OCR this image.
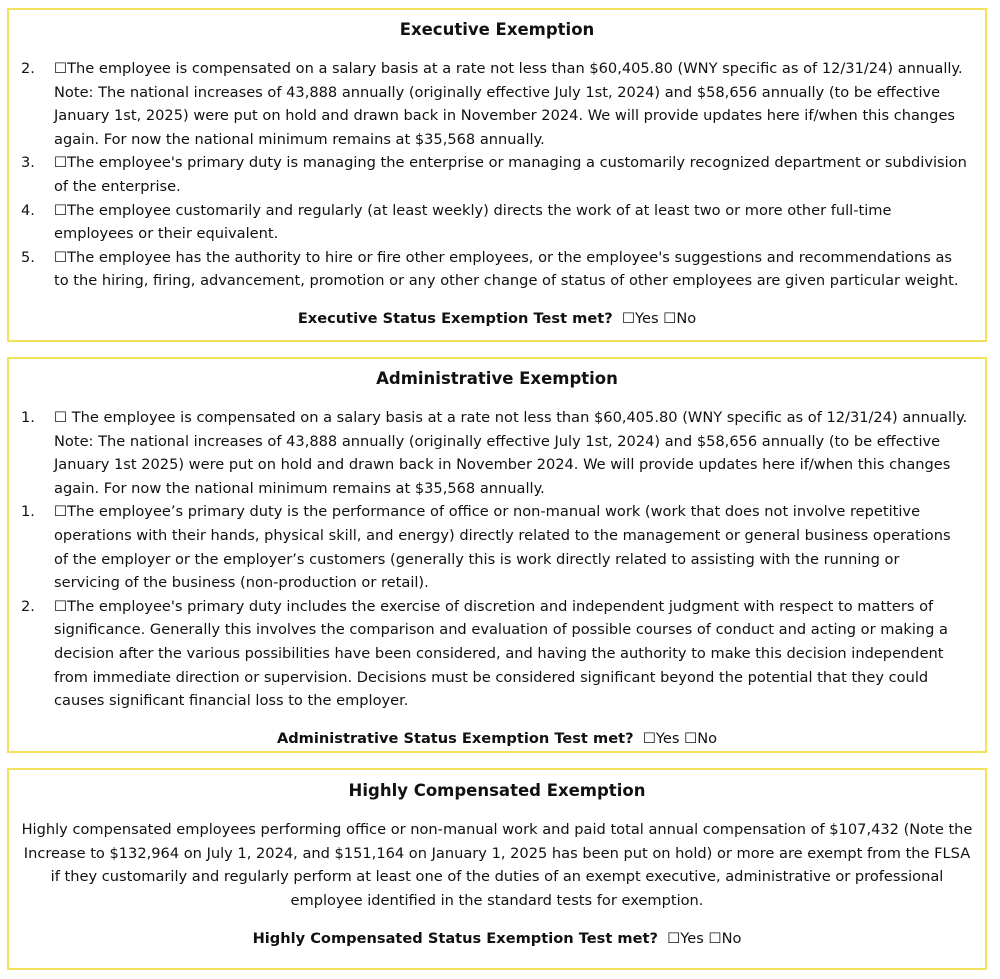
Executive Exemption
2.	☐The employee is compensated on a salary basis at a rate not less than $60,405.80 (WNY specific as of 12/31/24) annually. Note: The national increases of 43,888 annually (originally effective July 1st, 2024) and $58,656 annually (to be effective January 1st, 2025) were put on hold and drawn back in November 2024. We will provide updates here if/when this changes again. For now the national minimum remains at $35,568 annually.
3.	☐The employee's primary duty is managing the enterprise or managing a customarily recognized department or subdivision of the enterprise.
4.	☐The employee customarily and regularly (at least weekly) directs the work of at least two or more other full-time employees or their equivalent.
5.	☐The employee has the authority to hire or fire other employees, or the employee's suggestions and recommendations as to the hiring, firing, advancement, promotion or any other change of status of other employees are given particular weight.
Executive Status Exemption Test met? ☐Yes ☐No
Administrative Exemption
1.	☐ The employee is compensated on a salary basis at a rate not less than $60,405.80 (WNY specific as of 12/31/24) annually. Note: The national increases of 43,888 annually (originally effective July 1st, 2024) and $58,656 annually (to be effective January 1st 2025) were put on hold and drawn back in November 2024. We will provide updates here if/when this changes again. For now the national minimum remains at $35,568 annually.
1.	☐The employee’s primary duty is the performance of office or non-manual work (work that does not involve repetitive operations with their hands, physical skill, and energy) directly related to the management or general business operations of the employer or the employer’s customers (generally this is work directly related to assisting with the running or servicing of the business (non-production or retail).
2.	☐The employee's primary duty includes the exercise of discretion and independent judgment with respect to matters of significance. Generally this involves the comparison and evaluation of possible courses of conduct and acting or making a decision after the various possibilities have been considered, and having the authority to make this decision independent from immediate direction or supervision. Decisions must be considered significant beyond the potential that they could causes significant financial loss to the employer.
Administrative Status Exemption Test met? ☐Yes ☐No
Highly Compensated Exemption
Highly compensated employees performing office or non-manual work and paid total annual compensation of $107,432 (Note the Increase to $132,964 on July 1, 2024, and $151,164 on January 1, 2025 has been put on hold) or more are exempt from the FLSA if they customarily and regularly perform at least one of the duties of an exempt executive, administrative or professional employee identified in the standard tests for exemption.
Highly Compensated Status Exemption Test met? ☐Yes ☐No
